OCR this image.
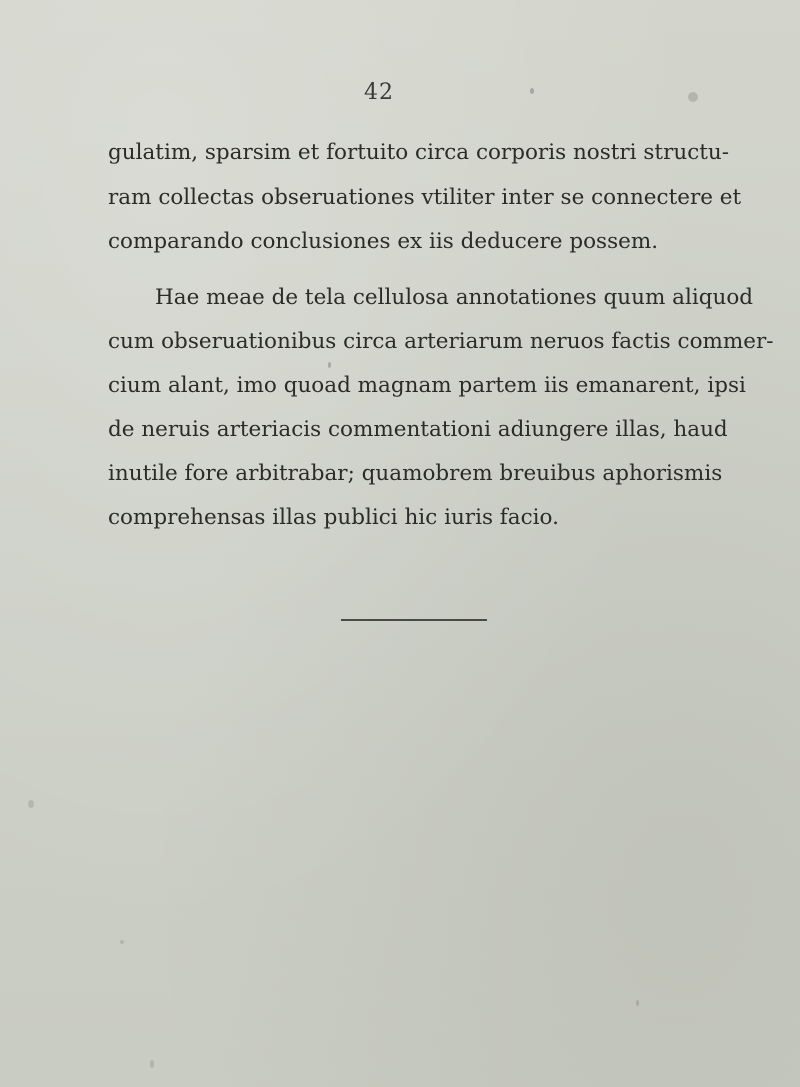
42
gulatim, sparsim et fortuito circa corporis nostri structu-
ram collectas obseruationes vtiliter inter se connectere et
comparando conclusiones ex iis deducere possem.
Hae meae de tela cellulosa annotationes quum aliquod
cum obseruationibus circa arteriarum neruos factis commer-
cium alant, imo quoad magnam partem iis emanarent, ipsi
de neruis arteriacis commentationi adiungere illas, haud
inutile fore arbitrabar; quamobrem breuibus aphorismis
comprehensas illas publici hic iuris facio.
